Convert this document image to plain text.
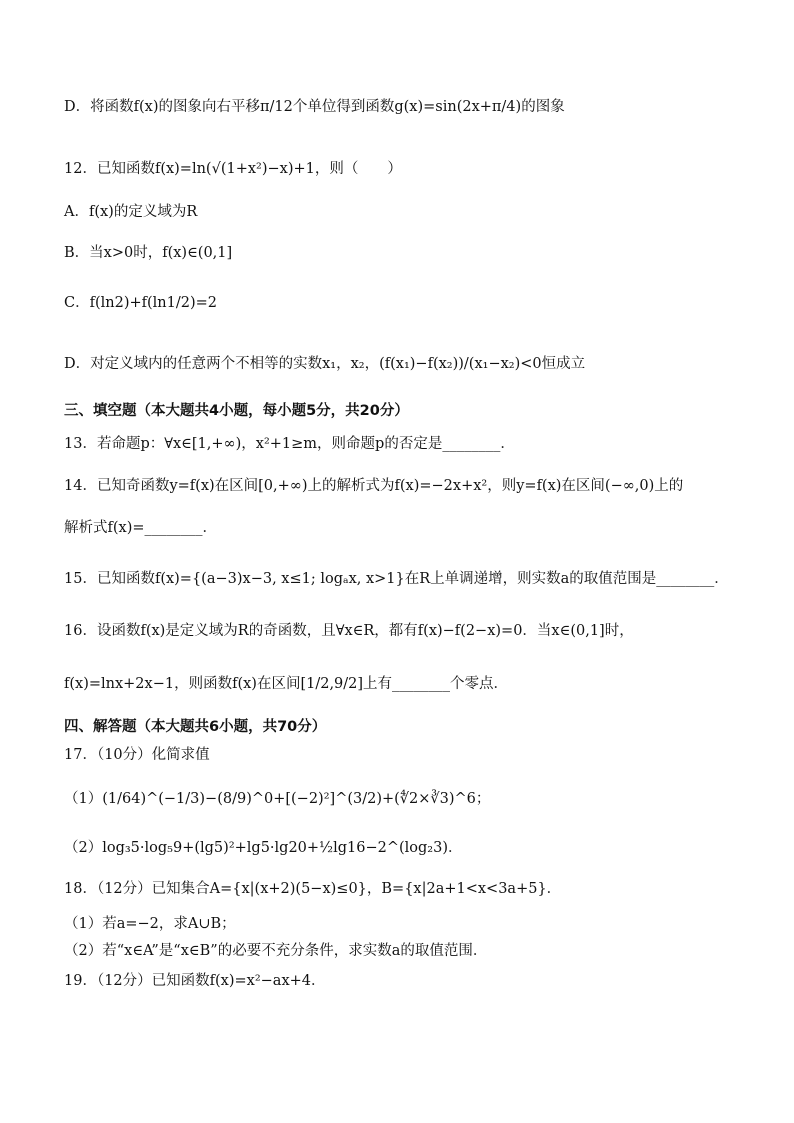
D．将函数f(x)的图象向右平移π/12个单位得到函数g(x)=sin(2x+π/4)的图象
12．已知函数f(x)=ln(√(1+x²)−x)+1，则（　　）
A．f(x)的定义域为R
B．当x>0时，f(x)∈(0,1]
C．f(ln2)+f(ln1/2)=2
D．对定义域内的任意两个不相等的实数x₁，x₂，(f(x₁)−f(x₂))/(x₁−x₂)<0恒成立
三、填空题（本大题共4小题，每小题5分，共20分）
13．若命题p：∀x∈[1,+∞)，x²+1≥m，则命题p的否定是________．
14．已知奇函数y=f(x)在区间[0,+∞)上的解析式为f(x)=−2x+x²，则y=f(x)在区间(−∞,0)上的
解析式f(x)=________．
15．已知函数f(x)={(a−3)x−3, x≤1; logₐx, x>1}在R上单调递增，则实数a的取值范围是________．
16．设函数f(x)是定义域为R的奇函数，且∀x∈R，都有f(x)−f(2−x)=0．当x∈(0,1]时，
f(x)=lnx+2x−1，则函数f(x)在区间[1/2,9/2]上有________个零点．
四、解答题（本大题共6小题，共70分）
17．（10分）化简求值
（1）(1/64)^(−1/3)−(8/9)^0+[(−2)²]^(3/2)+(∜2×∛3)^6；
（2）log₃5·log₅9+(lg5)²+lg5·lg20+½lg16−2^(log₂3)．
18．（12分）已知集合A={x|(x+2)(5−x)≤0}，B={x|2a+1<x<3a+5}．
（1）若a=−2，求A∪B；
（2）若“x∈A”是“x∈B”的必要不充分条件，求实数a的取值范围．
19．（12分）已知函数f(x)=x²−ax+4．
